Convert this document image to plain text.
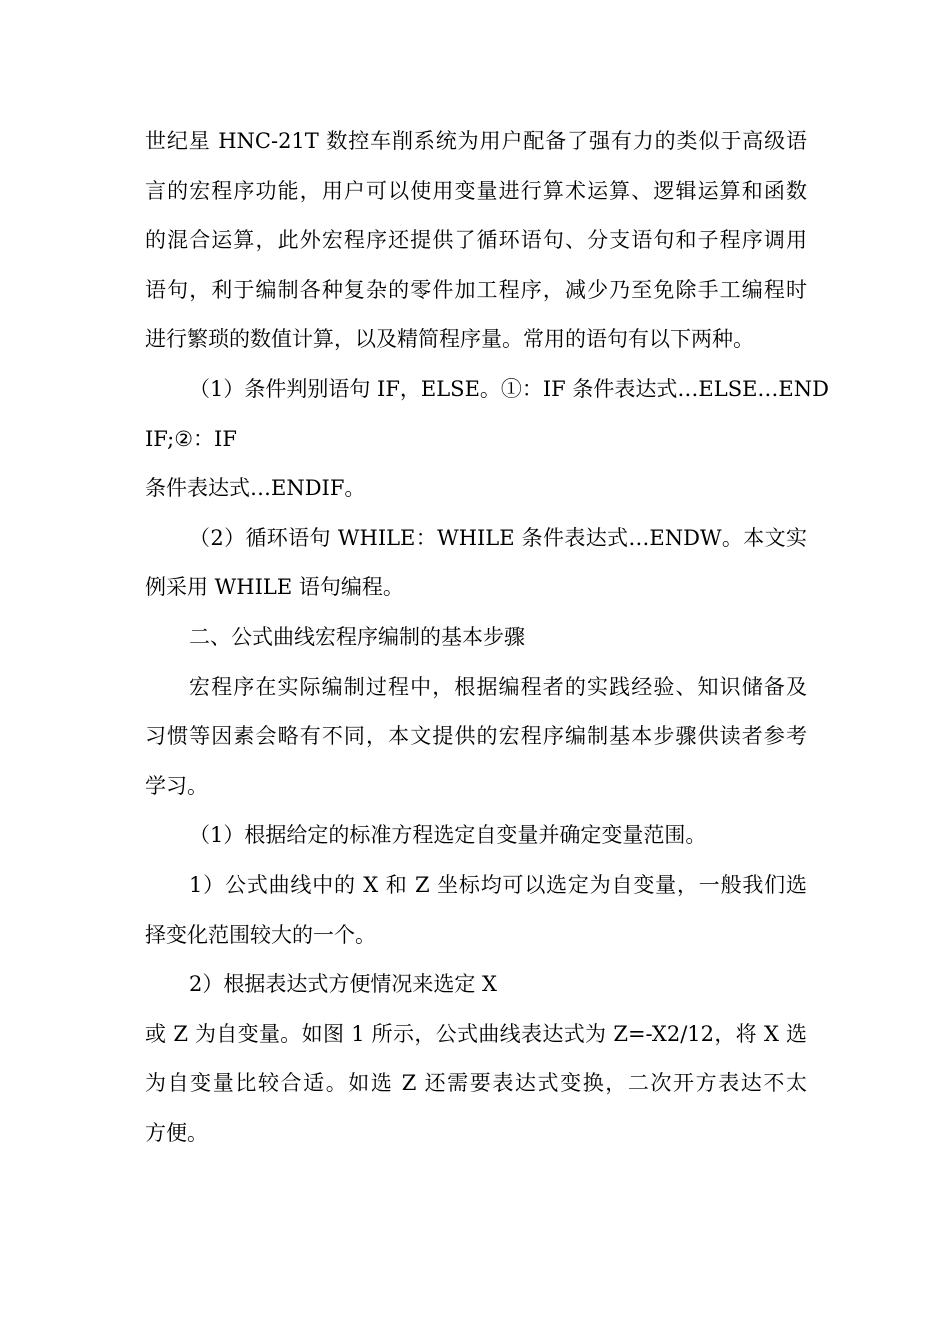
世纪星 HNC-21T 数控车削系统为用户配备了强有力的类似于高级语
言的宏程序功能，用户可以使用变量进行算术运算、逻辑运算和函数
的混合运算，此外宏程序还提供了循环语句、分支语句和子程序调用
语句，利于编制各种复杂的零件加工程序，减少乃至免除手工编程时
进行繁琐的数值计算，以及精简程序量。常用的语句有以下两种。
（1）条件判别语句 IF，ELSE。①：IF 条件表达式…ELSE…END
IF;②：IF
条件表达式…ENDIF。
（2）循环语句 WHILE：WHILE 条件表达式…ENDW。本文实
例采用 WHILE 语句编程。
二、公式曲线宏程序编制的基本步骤
宏程序在实际编制过程中，根据编程者的实践经验、知识储备及
习惯等因素会略有不同，本文提供的宏程序编制基本步骤供读者参考
学习。
（1）根据给定的标准方程选定自变量并确定变量范围。
1）公式曲线中的 X 和 Z 坐标均可以选定为自变量，一般我们选
择变化范围较大的一个。
2）根据表达式方便情况来选定 X
或 Z 为自变量。如图 1 所示，公式曲线表达式为 Z=-X2/12，将 X 选
为自变量比较合适。如选 Z 还需要表达式变换，二次开方表达不太
方便。
